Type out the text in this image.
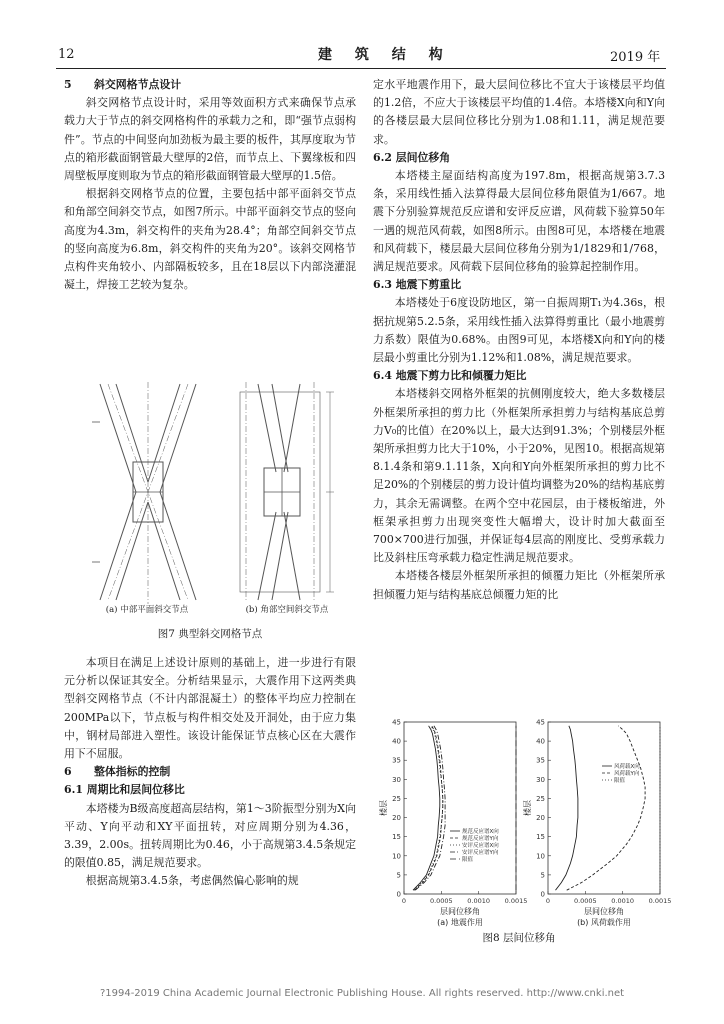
12	建 筑 结 构	2019 年

5 斜交网格节点设计

斜交网格节点设计时，采用等效面积方式来确保节点承载力大于节点的斜交网格构件的承载力之和，即“强节点弱构件”。节点的中间竖向加劲板为最主要的板件，其厚度取为节点的箱形截面钢管最大壁厚的2倍，而节点上、下翼缘板和四周壁板厚度则取为节点的箱形截面钢管最大壁厚的1.5倍。

根据斜交网格节点的位置，主要包括中部平面斜交节点和角部空间斜交节点，如图7所示。中部平面斜交节点的竖向高度为4.3m，斜交构件的夹角为28.4°；角部空间斜交节点的竖向高度为6.8m，斜交构件的夹角为20°。该斜交网格节点构件夹角较小、内部隔板较多，且在18层以下内部浇灌混凝土，焊接工艺较为复杂。

(a) 中部平面斜交节点	(b) 角部空间斜交节点
图7 典型斜交网格节点

本项目在满足上述设计原则的基础上，进一步进行有限元分析以保证其安全。分析结果显示，大震作用下这两类典型斜交网格节点（不计内部混凝土）的整体平均应力控制在200MPa以下，节点板与构件相交处及开洞处，由于应力集中，钢材局部进入塑性。该设计能保证节点核心区在大震作用下不屈服。

6 整体指标的控制

6.1 周期比和层间位移比

本塔楼为B级高度超高层结构，第1～3阶振型分别为X向平动、Y向平动和XY平面扭转，对应周期分别为4.36，3.39，2.00s。扭转周期比为0.46，小于高规第3.4.5条规定的限值0.85，满足规范要求。

根据高规第3.4.5条，考虑偶然偏心影响的规

定水平地震作用下，最大层间位移比不宜大于该楼层平均值的1.2倍，不应大于该楼层平均值的1.4倍。本塔楼X向和Y向的各楼层最大层间位移比分别为1.08和1.11，满足规范要求。

6.2 层间位移角

本塔楼主屋面结构高度为197.8m，根据高规第3.7.3条，采用线性插入法算得最大层间位移角限值为1/667。地震下分别验算规范反应谱和安评反应谱，风荷载下验算50年一遇的规范风荷载，如图8所示。由图8可见，本塔楼在地震和风荷载下，楼层最大层间位移角分别为1/1829和1/768，满足规范要求。风荷载下层间位移角的验算起控制作用。

6.3 地震下剪重比

本塔楼处于6度设防地区，第一自振周期T₁为4.36s，根据抗规第5.2.5条，采用线性插入法算得剪重比（最小地震剪力系数）限值为0.68%。由图9可见，本塔楼X向和Y向的楼层最小剪重比分别为1.12%和1.08%，满足规范要求。

6.4 地震下剪力比和倾覆力矩比

本塔楼斜交网格外框架的抗侧刚度较大，绝大多数楼层外框架所承担的剪力比（外框架所承担剪力与结构基底总剪力V₀的比值）在20%以上，最大达到91.3%；个别楼层外框架所承担剪力比大于10%，小于20%，见图10。根据高规第8.1.4条和第9.1.11条，X向和Y向外框架所承担的剪力比不足20%的个别楼层的剪力设计值均调整为20%的结构基底剪力，其余无需调整。在两个空中花园层，由于楼板缩进，外框架承担剪力出现突变性大幅增大，设计时加大截面至700×700进行加强，并保证每4层高的刚度比、受剪承载力比及斜柱压弯承载力稳定性满足规范要求。

本塔楼各楼层外框架所承担的倾覆力矩比（外框架所承担倾覆力矩与结构基底总倾覆力矩的比

0
5
10
15
20
25
30
35
40
45
0	0.0005 0.0010 0.0015
层间位移角
楼层
(a) 地震作用
规范反应谱X向
规范反应谱Y向
安评反应谱X向
安评反应谱Y向
限值
0
5
10
15
20
25
30
35
40
45
0	0.0005 0.0010 0.0015
层间位移角
楼层
(b) 风荷载作用
风荷载X向
风荷载Y向
限值
图8 层间位移角
?1994-2019 China Academic Journal Electronic Publishing House. All rights reserved. http://www.cnki.net
